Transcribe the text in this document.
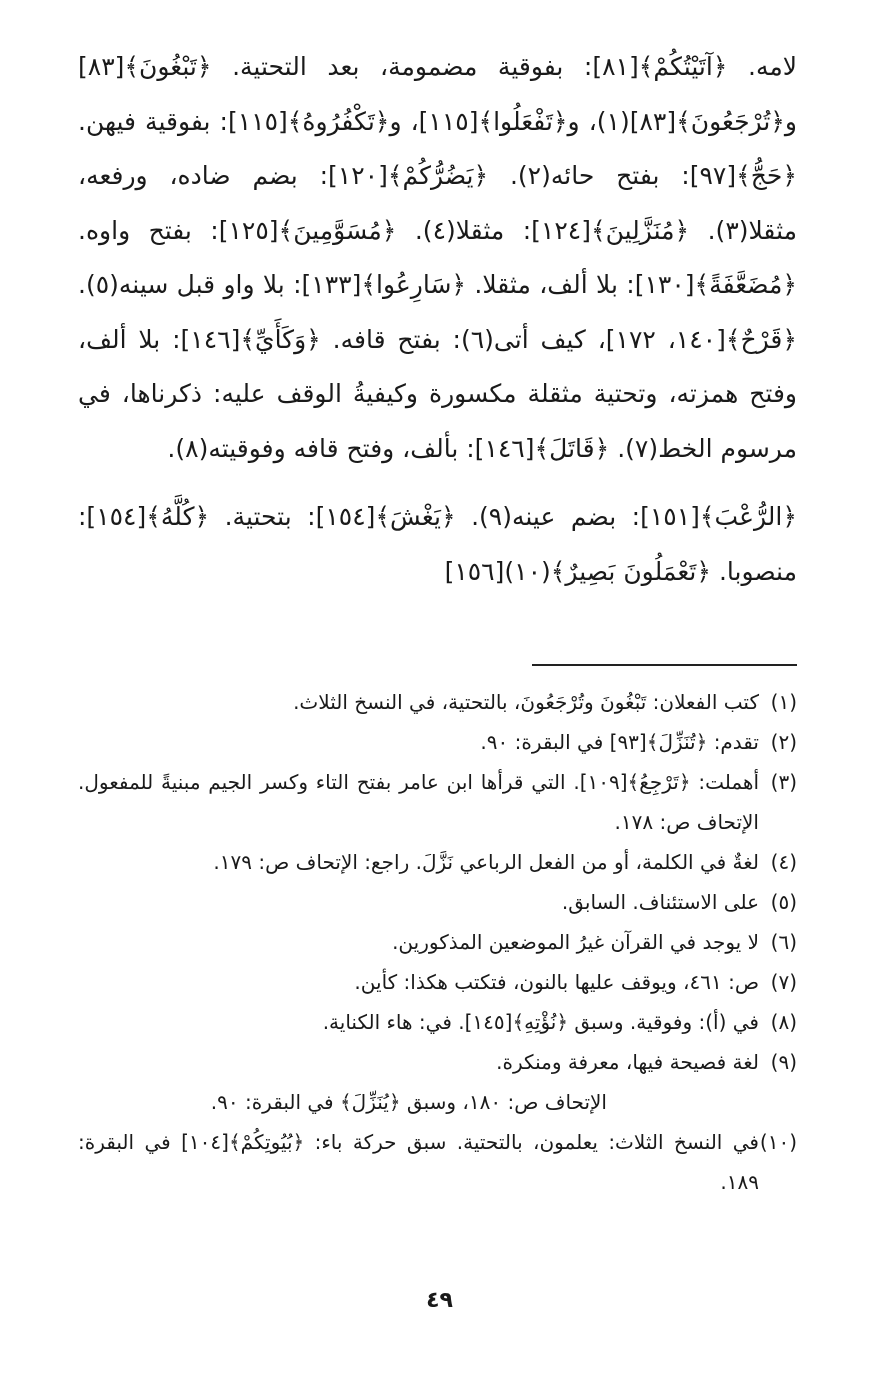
لامه. ﴿آتَيْتُكُمْ﴾[٨١]: بفوقية مضمومة، بعد التحتية. ﴿تَبْغُونَ﴾[٨٣] و﴿تُرْجَعُونَ﴾[٨٣](١)، و﴿تَفْعَلُوا﴾[١١٥]، و﴿تَكْفُرُوهُ﴾[١١٥]: بفوقية فيهن. ﴿حَجُّ﴾[٩٧]: بفتح حائه(٢). ﴿يَضُرُّكُمْ﴾[١٢٠]: بضم ضاده، ورفعه، مثقلا(٣). ﴿مُنَزَّلِينَ﴾[١٢٤]: مثقلا(٤). ﴿مُسَوَّمِينَ﴾[١٢٥]: بفتح واوه. ﴿مُضَعَّفَةً﴾[١٣٠]: بلا ألف، مثقلا. ﴿سَارِعُوا﴾[١٣٣]: بلا واو قبل سينه(٥). ﴿قَرْحٌ﴾[١٤٠، ١٧٢]، كيف أتى(٦): بفتح قافه. ﴿وَكَأَيِّ﴾[١٤٦]: بلا ألف، وفتح همزته، وتحتية مثقلة مكسورة وكيفيةُ الوقف عليه: ذكرناها، في مرسوم الخط(٧). ﴿قَاتَلَ﴾[١٤٦]: بألف، وفتح قافه وفوقيته(٨).

﴿الرُّعْبَ﴾[١٥١]: بضم عينه(٩). ﴿يَغْشَ﴾[١٥٤]: بتحتية. ﴿كُلَّهُ﴾[١٥٤]: منصوبا. ﴿تَعْمَلُونَ بَصِيرٌ﴾(١٠)[١٥٦]

(١)
كتب الفعلان: تَبْغُونَ وتُرْجَعُونَ، بالتحتية، في النسخ الثلاث.
(٢)
تقدم: ﴿تُنَزِّلَ﴾[٩٣] في البقرة: ٩٠.
(٣)
أهملت: ﴿تَرْجِعُ﴾[١٠٩]. التي قرأها ابن عامر بفتح التاء وكسر الجيم مبنيةً للمفعول. الإتحاف ص: ١٧٨.
(٤)
لغةٌ في الكلمة، أو من الفعل الرباعي نَزَّلَ. راجع: الإتحاف ص: ١٧٩.
(٥)
على الاستئناف. السابق.
(٦)
لا يوجد في القرآن غيرُ الموضعين المذكورين.
(٧)
ص: ٤٦١، ويوقف عليها بالنون، فتكتب هكذا: كأين.
(٨)
في (أ): وفوقية. وسبق ﴿نُؤْتِهِ﴾[١٤٥]. في: هاء الكناية.
(٩)
لغة فصيحة فيها، معرفة ومنكرة.
الإتحاف ص: ١٨٠، وسبق ﴿يُنَزِّلَ﴾ في البقرة: ٩٠.
(١٠)
في النسخ الثلاث: يعلمون، بالتحتية. سبق حركة باء: ﴿بُيُوتِكُمْ﴾[١٠٤] في البقرة: ١٨٩.
٤٩
